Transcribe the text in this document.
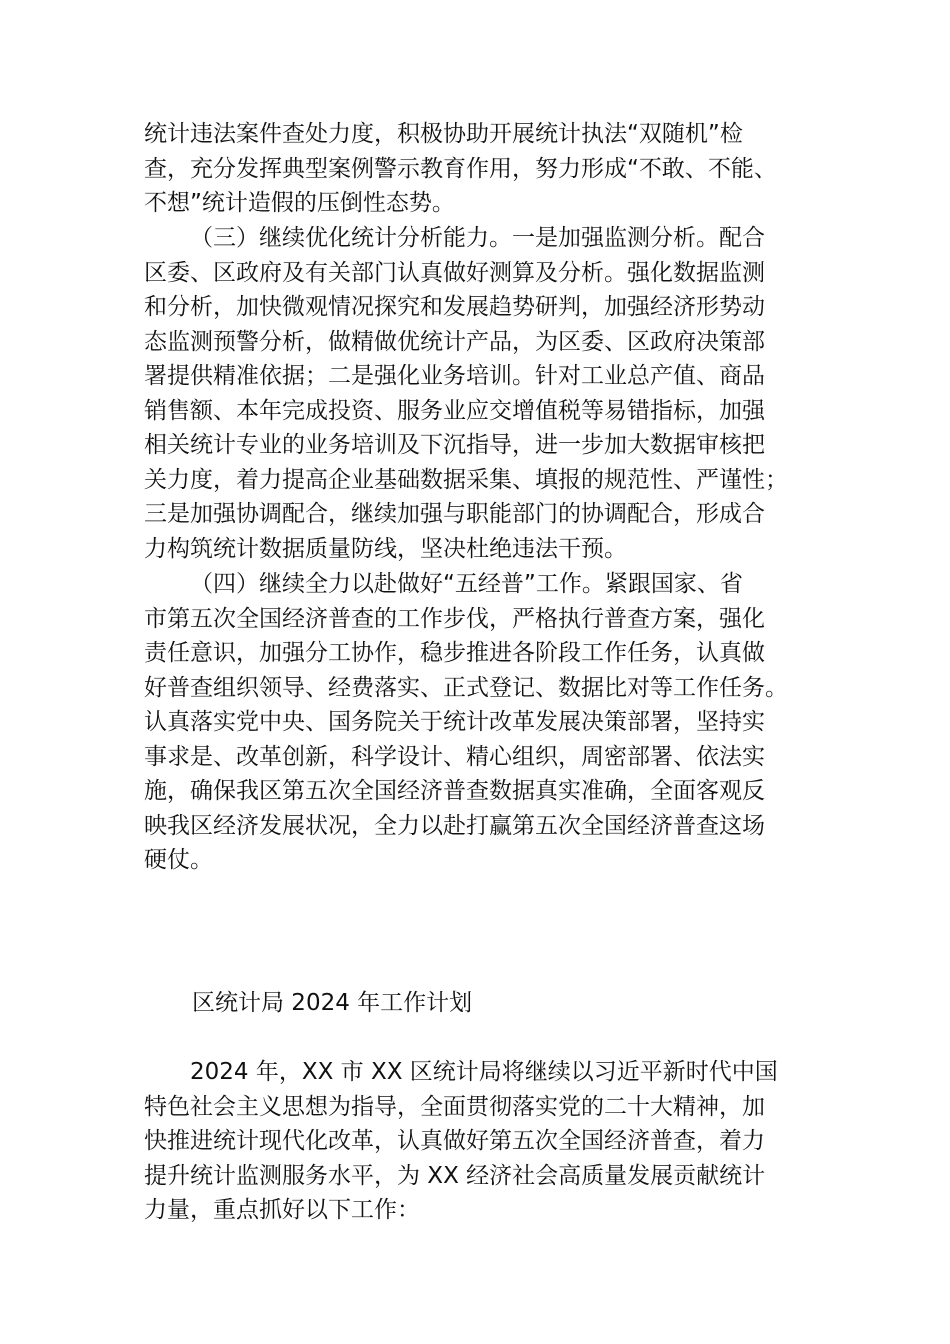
统计违法案件查处力度，积极协助开展统计执法“双随机”检
查，充分发挥典型案例警示教育作用，努力形成“不敢、不能、
不想”统计造假的压倒性态势。
（三）继续优化统计分析能力。一是加强监测分析。配合
区委、区政府及有关部门认真做好测算及分析。强化数据监测
和分析，加快微观情况探究和发展趋势研判，加强经济形势动
态监测预警分析，做精做优统计产品，为区委、区政府决策部
署提供精准依据；二是强化业务培训。针对工业总产值、商品
销售额、本年完成投资、服务业应交增值税等易错指标，加强
相关统计专业的业务培训及下沉指导，进一步加大数据审核把
关力度，着力提高企业基础数据采集、填报的规范性、严谨性；
三是加强协调配合，继续加强与职能部门的协调配合，形成合
力构筑统计数据质量防线，坚决杜绝违法干预。
（四）继续全力以赴做好“五经普”工作。紧跟国家、省
市第五次全国经济普查的工作步伐，严格执行普查方案，强化
责任意识，加强分工协作，稳步推进各阶段工作任务，认真做
好普查组织领导、经费落实、正式登记、数据比对等工作任务。
认真落实党中央、国务院关于统计改革发展决策部署，坚持实
事求是、改革创新，科学设计、精心组织，周密部署、依法实
施，确保我区第五次全国经济普查数据真实准确，全面客观反
映我区经济发展状况，全力以赴打赢第五次全国经济普查这场
硬仗。
区统计局 2024 年工作计划
2024 年，XX 市 XX 区统计局将继续以习近平新时代中国
特色社会主义思想为指导，全面贯彻落实党的二十大精神，加
快推进统计现代化改革，认真做好第五次全国经济普查，着力
提升统计监测服务水平，为 XX 经济社会高质量发展贡献统计
力量，重点抓好以下工作：
